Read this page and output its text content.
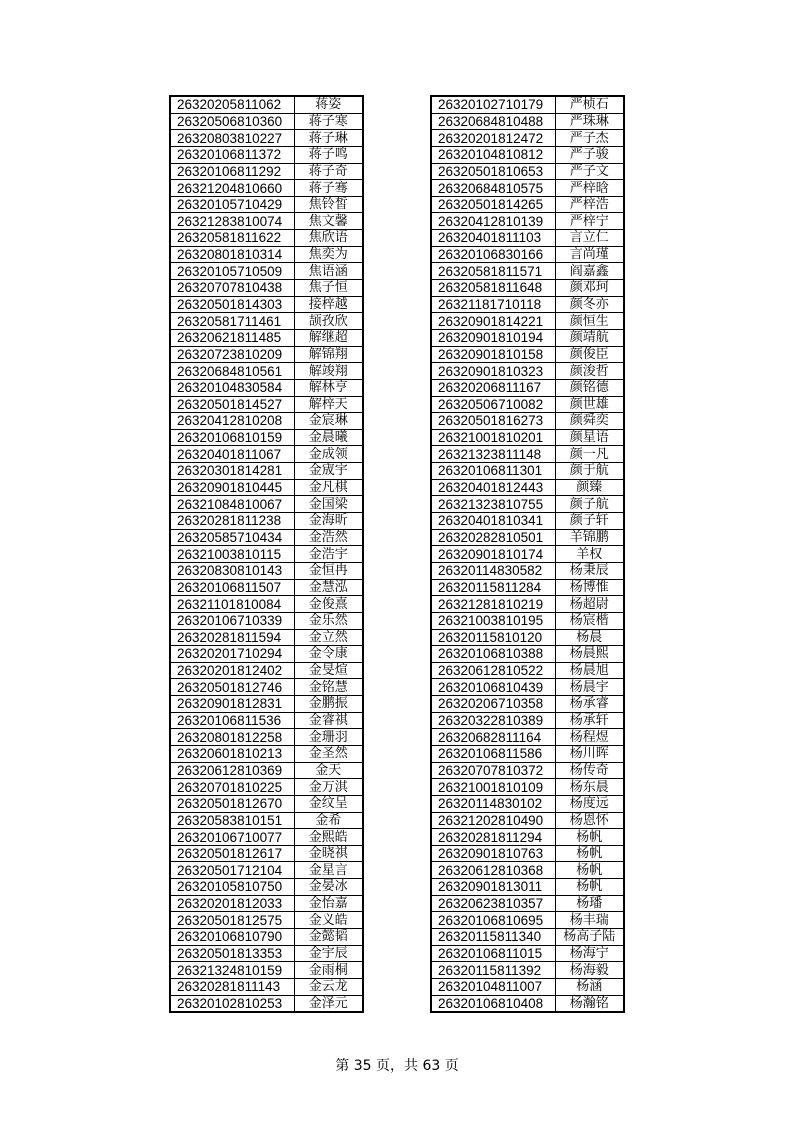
26320205811062	蒋姿
26320506810360	蒋子寒
26320803810227	蒋子琳
26320106811372	蒋子鸣
26320106811292	蒋子奇
26321204810660	蒋子骞
26320105710429	焦铃皙
26321283810074	焦文馨
26320581811622	焦欣语
26320801810314	焦奕为
26320105710509	焦语涵
26320707810438	焦子恒
26320501814303	接梓越
26320581711461	颉孜欣
26320621811485	解继超
26320723810209	解锦翔
26320684810561	解竣翔
26320104830584	解林亨
26320501814527	解梓天
26320412810208	金宸琳
26320106810159	金晨曦
26320401811067	金成领
26320301814281	金宬宇
26320901810445	金凡棋
26321084810067	金国梁
26320281811238	金海昕
26320585710434	金浩然
26321003810115	金浩宇
26320830810143	金恒冉
26320106811507	金慧泓
26321101810084	金俊熹
26320106710339	金乐然
26320281811594	金立然
26320201710294	金令康
26320201812402	金旻煊
26320501812746	金铭慧
26320901812831	金鹏振
26320106811536	金睿祺
26320801812258	金珊羽
26320601810213	金圣然
26320612810369	金天
26320701810225	金万淇
26320501812670	金纹呈
26320583810151	金希
26320106710077	金熙皓
26320501812617	金晓祺
26320501712104	金星言
26320105810750	金晏冰
26320201812033	金怡嘉
26320501812575	金义皓
26320106810790	金懿韬
26320501813353	金宇辰
26321324810159	金雨桐
26320281811143	金云龙
26320102810253	金泽元
26320102710179	严桢石
26320684810488	严珠琳
26320201812472	严子杰
26320104810812	严子骏
26320501810653	严子文
26320684810575	严梓晗
26320501814265	严梓浩
26320412810139	严梓宁
26320401811103	言立仁
26320106830166	言尚瑾
26320581811571	阎嘉鑫
26320581811648	颜邓珂
26321181710118	颜冬亦
26320901814221	颜恒生
26320901810194	颜靖航
26320901810158	颜俊臣
26320901810323	颜浚哲
26320206811167	颜铭德
26320506710082	颜世雄
26320501816273	颜舜奕
26321001810201	颜星语
26321323811148	颜一凡
26320106811301	颜于航
26320401812443	颜臻
26321323810755	颜子航
26320401810341	颜子轩
26320282810501	羊锦鹏
26320901810174	羊权
26320114830582	杨秉辰
26320115811284	杨博惟
26321281810219	杨超尉
26321003810195	杨宸楷
26320115810120	杨晨
26320106810388	杨晨熙
26320612810522	杨晨旭
26320106810439	杨晨宇
26320206710358	杨承睿
26320322810389	杨承轩
26320682811164	杨程煜
26320106811586	杨川晖
26320707810372	杨传奇
26321001810109	杨东晨
26320114830102	杨度远
26321202810490	杨恩怀
26320281811294	杨帆
26320901810763	杨帆
26320612810368	杨帆
26320901813011	杨帆
26320623810357	杨璠
26320106810695	杨丰瑞
26320115811340	杨高子陆
26320106811015	杨海宁
26320115811392	杨海毅
26320104811007	杨涵
26320106810408	杨瀚铭
第 35 页，共 63 页
